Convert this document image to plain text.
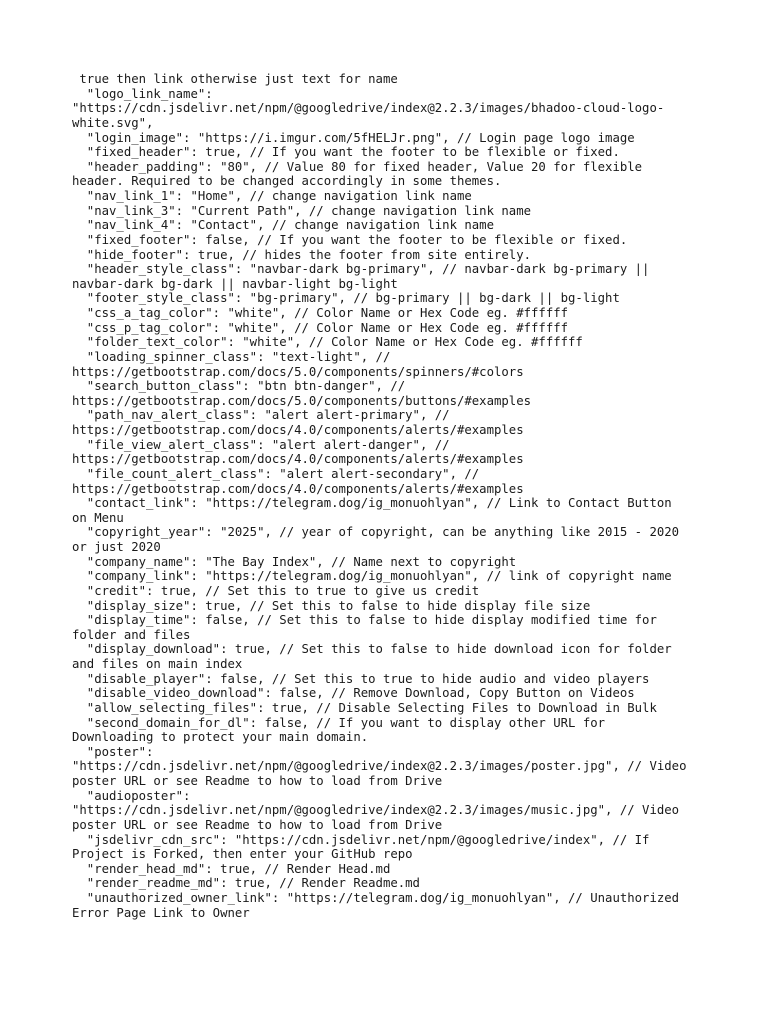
true then link otherwise just text for name
"logo_link_name":
"https://cdn.jsdelivr.net/npm/@googledrive/index@2.2.3/images/bhadoo-cloud-logo-
white.svg",
"login_image": "https://i.imgur.com/5fHELJr.png", // Login page logo image
"fixed_header": true, // If you want the footer to be flexible or fixed.
"header_padding": "80", // Value 80 for fixed header, Value 20 for flexible
header. Required to be changed accordingly in some themes.
"nav_link_1": "Home", // change navigation link name
"nav_link_3": "Current Path", // change navigation link name
"nav_link_4": "Contact", // change navigation link name
"fixed_footer": false, // If you want the footer to be flexible or fixed.
"hide_footer": true, // hides the footer from site entirely.
"header_style_class": "navbar-dark bg-primary", // navbar-dark bg-primary ||
navbar-dark bg-dark || navbar-light bg-light
"footer_style_class": "bg-primary", // bg-primary || bg-dark || bg-light
"css_a_tag_color": "white", // Color Name or Hex Code eg. #ffffff
"css_p_tag_color": "white", // Color Name or Hex Code eg. #ffffff
"folder_text_color": "white", // Color Name or Hex Code eg. #ffffff
"loading_spinner_class": "text-light", //
https://getbootstrap.com/docs/5.0/components/spinners/#colors
"search_button_class": "btn btn-danger", //
https://getbootstrap.com/docs/5.0/components/buttons/#examples
"path_nav_alert_class": "alert alert-primary", //
https://getbootstrap.com/docs/4.0/components/alerts/#examples
"file_view_alert_class": "alert alert-danger", //
https://getbootstrap.com/docs/4.0/components/alerts/#examples
"file_count_alert_class": "alert alert-secondary", //
https://getbootstrap.com/docs/4.0/components/alerts/#examples
"contact_link": "https://telegram.dog/ig_monuohlyan", // Link to Contact Button
on Menu
"copyright_year": "2025", // year of copyright, can be anything like 2015 - 2020
or just 2020
"company_name": "The Bay Index", // Name next to copyright
"company_link": "https://telegram.dog/ig_monuohlyan", // link of copyright name
"credit": true, // Set this to true to give us credit
"display_size": true, // Set this to false to hide display file size
"display_time": false, // Set this to false to hide display modified time for
folder and files
"display_download": true, // Set this to false to hide download icon for folder
and files on main index
"disable_player": false, // Set this to true to hide audio and video players
"disable_video_download": false, // Remove Download, Copy Button on Videos
"allow_selecting_files": true, // Disable Selecting Files to Download in Bulk
"second_domain_for_dl": false, // If you want to display other URL for
Downloading to protect your main domain.
"poster":
"https://cdn.jsdelivr.net/npm/@googledrive/index@2.2.3/images/poster.jpg", // Video
poster URL or see Readme to how to load from Drive
"audioposter":
"https://cdn.jsdelivr.net/npm/@googledrive/index@2.2.3/images/music.jpg", // Video
poster URL or see Readme to how to load from Drive
"jsdelivr_cdn_src": "https://cdn.jsdelivr.net/npm/@googledrive/index", // If
Project is Forked, then enter your GitHub repo
"render_head_md": true, // Render Head.md
"render_readme_md": true, // Render Readme.md
"unauthorized_owner_link": "https://telegram.dog/ig_monuohlyan", // Unauthorized
Error Page Link to Owner
